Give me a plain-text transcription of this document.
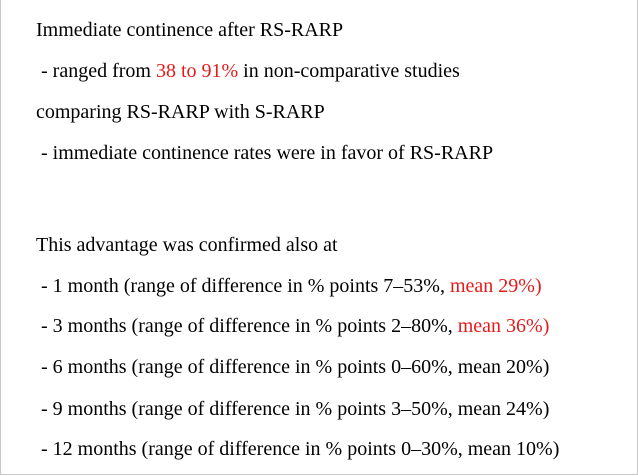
Immediate continence after RS-RARP
- ranged from 38 to 91% in non-comparative studies
comparing RS-RARP with S-RARP
- immediate continence rates were in favor of RS-RARP
This advantage was confirmed also at
- 1 month (range of difference in % points 7–53%, mean 29%)
- 3 months (range of difference in % points 2–80%, mean 36%)
- 6 months (range of difference in % points 0–60%, mean 20%)
- 9 months (range of difference in % points 3–50%, mean 24%)
- 12 months (range of difference in % points 0–30%, mean 10%)
